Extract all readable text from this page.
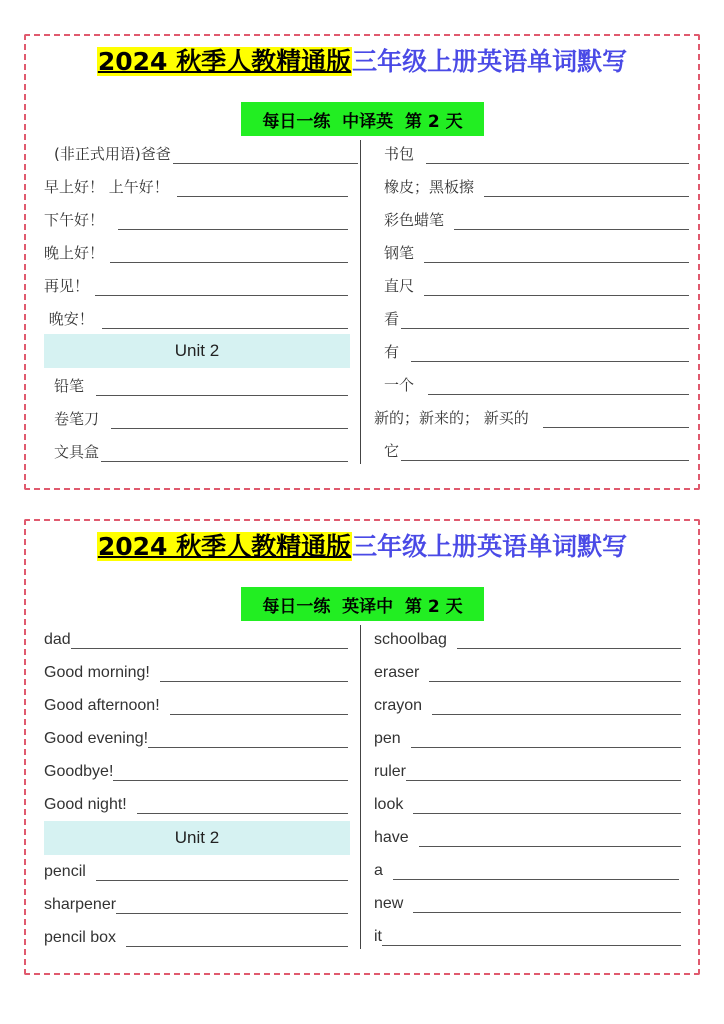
2024 秋季人教精通版三年级上册英语单词默写
每日一练  中译英  第 2 天
(非正式用语)爸爸
早上好！ 上午好！
下午好！
晚上好！
再见！
晚安！
Unit 2
铅笔
卷笔刀
文具盒
书包
橡皮；黑板擦
彩色蜡笔
钢笔
直尺
看
有
一个
新的；新来的； 新买的
它
2024 秋季人教精通版三年级上册英语单词默写
每日一练  英译中  第 2 天
dad
Good morning!
Good afternoon!
Good evening!
Goodbye!
Good night!
Unit 2
pencil
sharpener
pencil box
schoolbag
eraser
crayon
pen
ruler
look
have
a
new
it
